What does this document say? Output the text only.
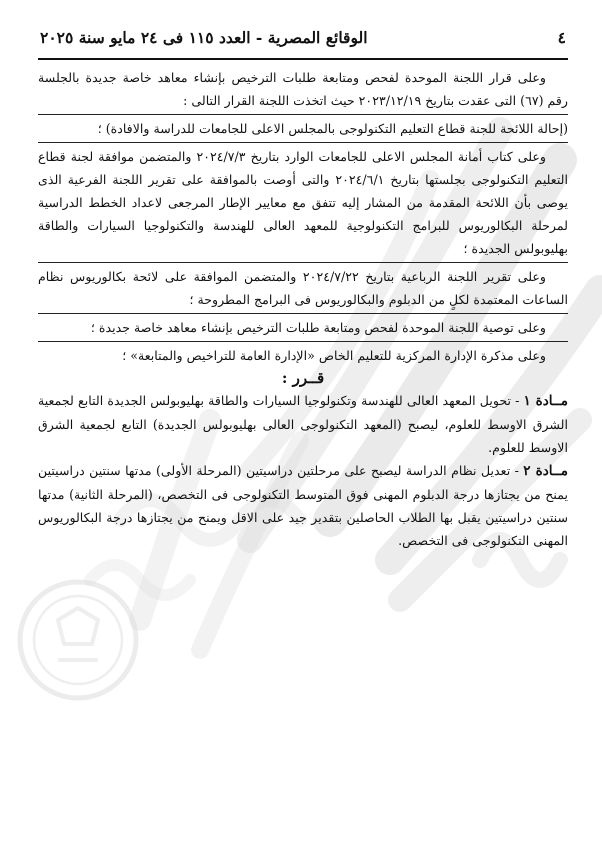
٤
الوقائع المصرية - العدد ١١٥ فى ٢٤ مايو سنة ٢٠٢٥

وعلى قرار اللجنة الموحدة لفحص ومتابعة طلبات الترخيص بإنشاء معاهد خاصة جديدة بالجلسة رقم (٦٧) التى عقدت بتاريخ ٢٠٢٣/١٢/١٩ حيث اتخذت اللجنة القرار التالى :

(إحالة اللائحة للجنة قطاع التعليم التكنولوجى بالمجلس الاعلى للجامعات للدراسة والافادة) ؛

وعلى كتاب أمانة المجلس الاعلى للجامعات الوارد بتاريخ ٢٠٢٤/٧/٣ والمتضمن موافقة لجنة قطاع التعليم التكنولوجى بجلستها بتاريخ ٢٠٢٤/٦/١ والتى أوصت بالموافقة على تقرير اللجنة الفرعية الذى يوصى بأن اللائحة المقدمة من المشار إليه تتفق مع معايير الإطار المرجعى لاعداد الخطط الدراسية لمرحلة البكالوريوس للبرامج التكنولوجية للمعهد العالى للهندسة والتكنولوجيا السيارات والطاقة بهليوبولس الجديدة ؛

وعلى تقرير اللجنة الرباعية بتاريخ ٢٠٢٤/٧/٢٢ والمتضمن الموافقة على لائحة بكالوريوس نظام الساعات المعتمدة لكلٍ من الدبلوم والبكالوريوس فى البرامج المطروحة ؛

وعلى توصية اللجنة الموحدة لفحص ومتابعة طلبات الترخيص بإنشاء معاهد خاصة جديدة ؛

وعلى مذكرة الإدارة المركزية للتعليم الخاص «الإدارة العامة للتراخيص والمتابعة» ؛

قــرر :

مــادة ١ - تحويل المعهد العالى للهندسة وتكنولوجيا السيارات والطاقة بهليوبولس الجديدة التابع لجمعية الشرق الاوسط للعلوم، ليصبح (المعهد التكنولوجى العالى بهليوبولس الجديدة) التابع لجمعية الشرق الاوسط للعلوم.

مــادة ٢ - تعديل نظام الدراسة ليصبح على مرحلتين دراسيتين (المرحلة الأولى) مدتها سنتين دراسيتين يمنح من يجتازها درجة الدبلوم المهنى فوق المتوسط التكنولوجى فى التخصص، (المرحلة الثانية) مدتها سنتين دراسيتين يقبل بها الطلاب الحاصلين بتقدير جيد على الاقل ويمنح من يجتازها درجة البكالوريوس المهنى التكنولوجى فى التخصص.
